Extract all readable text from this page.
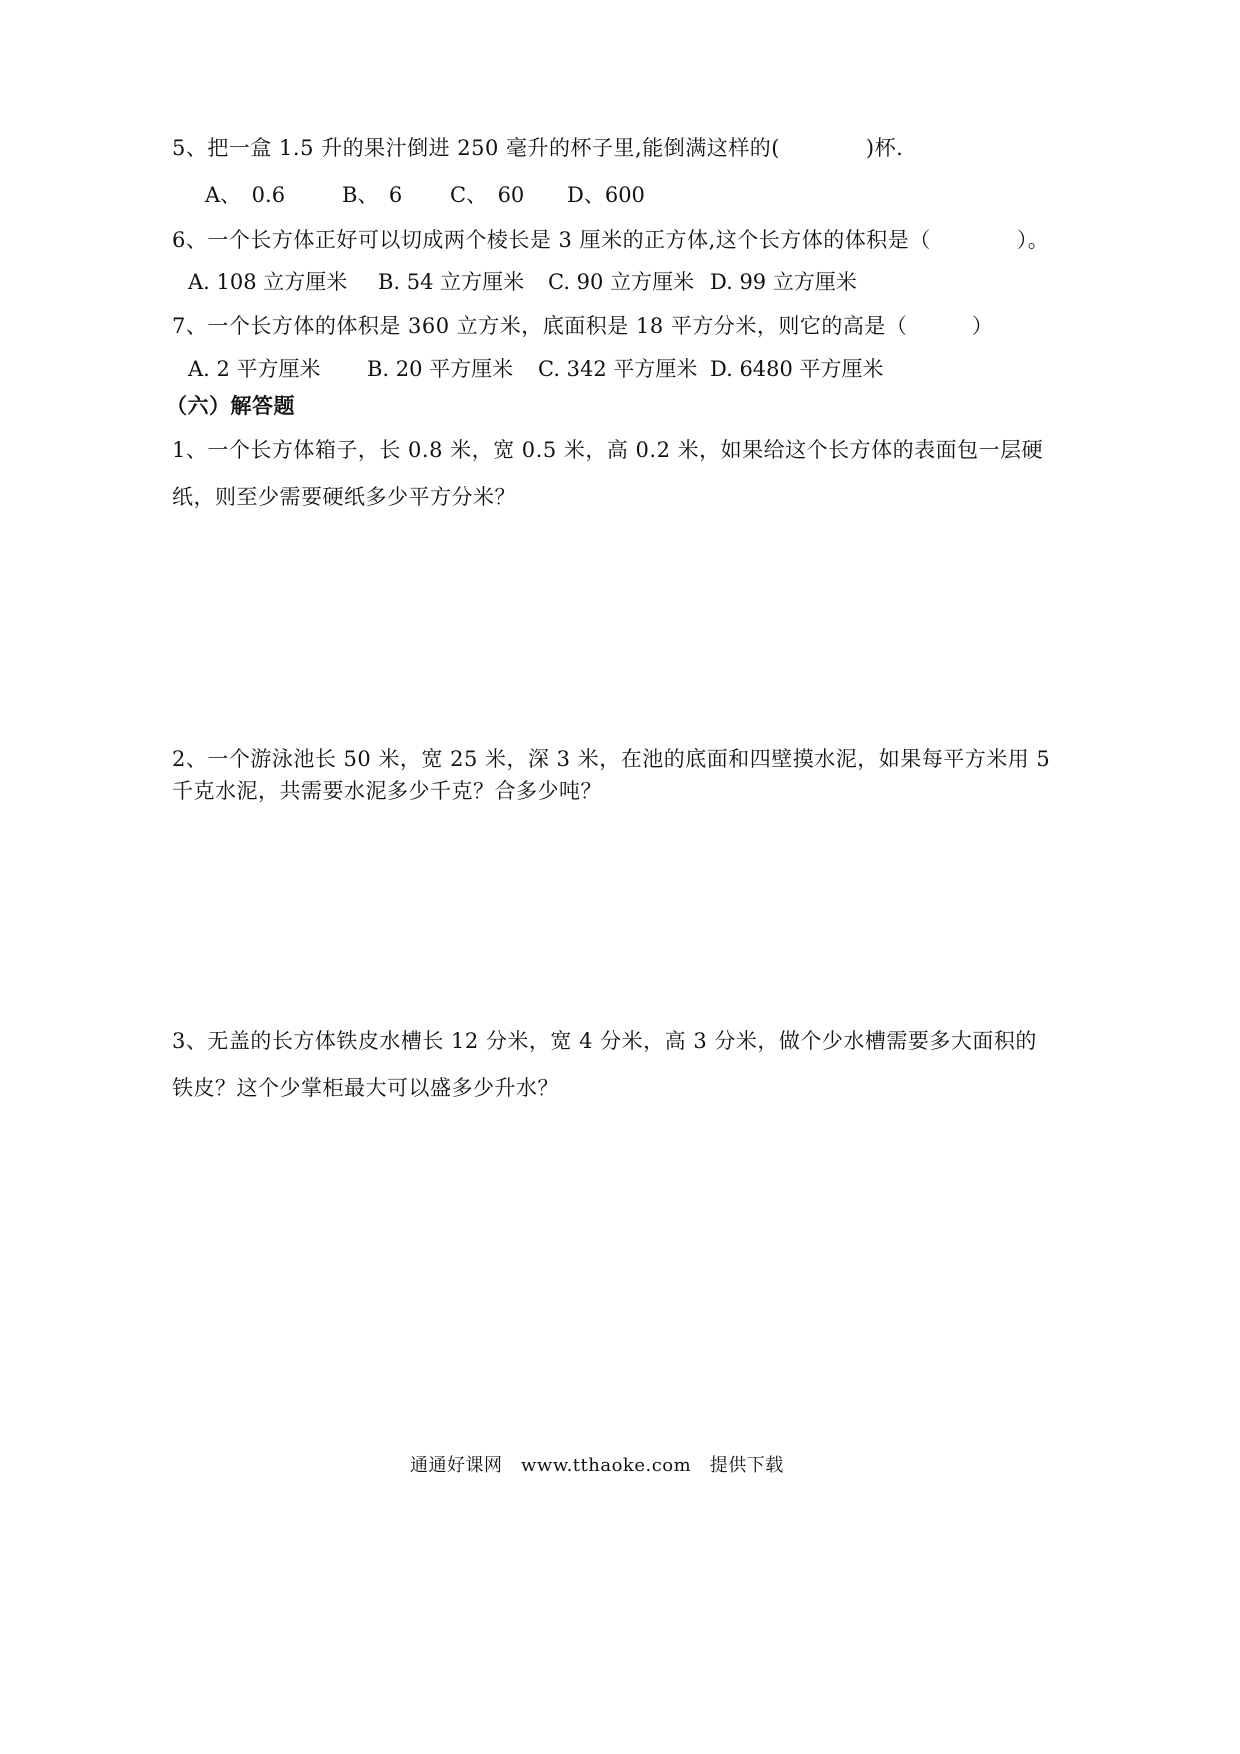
5、把一盒 1.5 升的果汁倒进 250 毫升的杯子里,能倒满这样的(　　　　)杯.
A、　0.6	B、　6 C、　60 D、600
6、一个长方体正好可以切成两个棱长是 3 厘米的正方体,这个长方体的体积是（　　　　）。
A. 108 立方厘米 B. 54 立方厘米 C. 90 立方厘米 D. 99 立方厘米
7、一个长方体的体积是 360 立方米，底面积是 18 平方分米，则它的高是（　　　）
A. 2 平方厘米 B. 20 平方厘米 C. 342 平方厘米 D. 6480 平方厘米
（六）解答题
1、一个长方体箱子，长 0.8 米，宽 0.5 米，高 0.2 米，如果给这个长方体的表面包一层硬
纸，则至少需要硬纸多少平方分米？
2、一个游泳池长 50 米，宽 25 米，深 3 米，在池的底面和四壁摸水泥，如果每平方米用 5
千克水泥，共需要水泥多少千克？合多少吨？
3、无盖的长方体铁皮水槽长 12 分米，宽 4 分米，高 3 分米，做个少水槽需要多大面积的
铁皮？这个少掌柜最大可以盛多少升水？
通通好课网　www.tthaoke.com　提供下载
